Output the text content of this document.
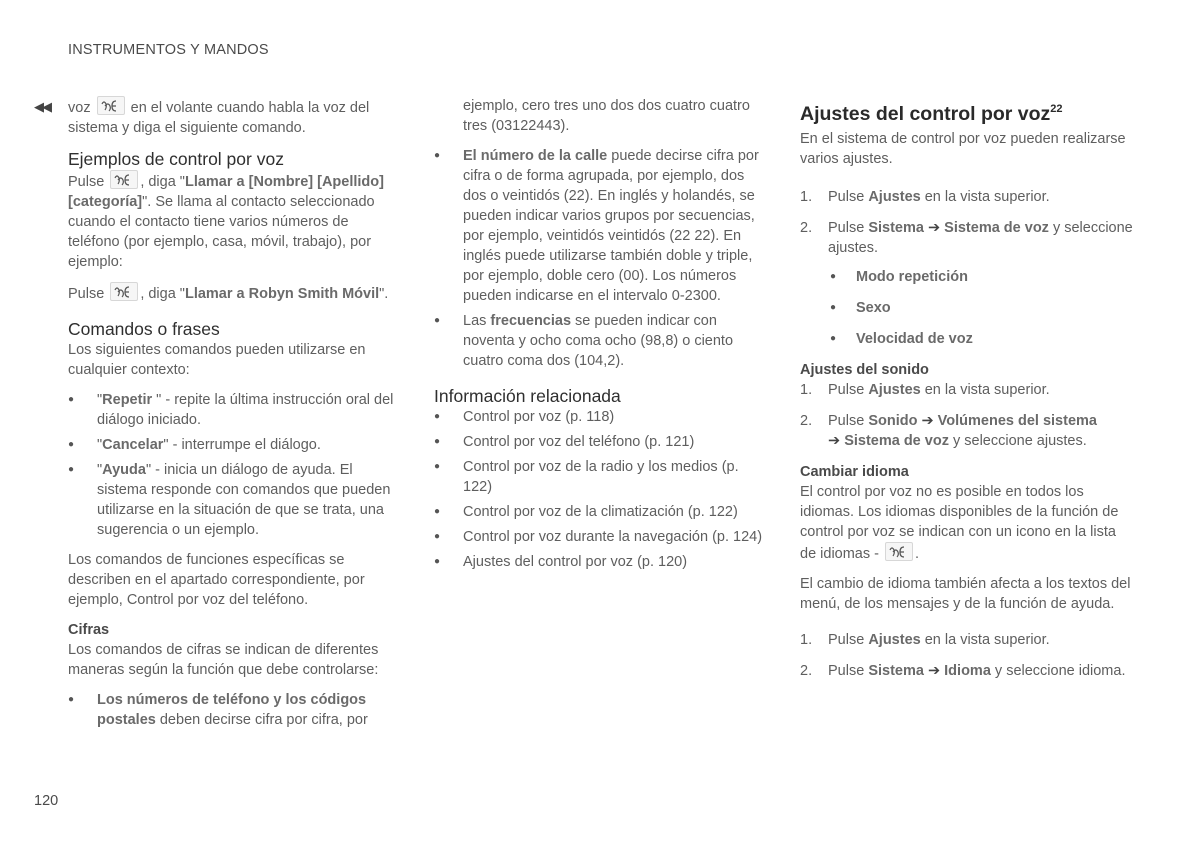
INSTRUMENTOS Y MANDOS
◀◀
120

voz
en el volante cuando habla la voz del sistema y diga el siguiente comando.

Ejemplos de control por voz

Pulse
, diga "Llamar a [Nombre] [Apellido] [categoría]". Se llama al contacto seleccionado cuando el contacto tiene varios números de teléfono (por ejemplo, casa, móvil, trabajo), por ejemplo:

Pulse
, diga "Llamar a Robyn Smith Móvil".

Comandos o frases

Los siguientes comandos pueden utilizarse en cualquier contexto:

● "Repetir " - repite la última instrucción oral del diálogo iniciado.
● "Cancelar" - interrumpe el diálogo.
● "Ayuda" - inicia un diálogo de ayuda. El sistema responde con comandos que pueden utilizarse en la situación de que se trata, una sugerencia o un ejemplo.

Los comandos de funciones específicas se describen en el apartado correspondiente, por ejemplo, Control por voz del teléfono.

Cifras

Los comandos de cifras se indican de diferentes maneras según la función que debe controlarse:

● Los números de teléfono y los códigos postales deben decirse cifra por cifra, por

ejemplo, cero tres uno dos dos cuatro cuatro tres (03122443).

● El número de la calle puede decirse cifra por cifra o de forma agrupada, por ejemplo, dos dos o veintidós (22). En inglés y holandés, se pueden indicar varios grupos por secuencias, por ejemplo, veintidós veintidós (22 22). En inglés puede utilizarse también doble y triple, por ejemplo, doble cero (00). Los números pueden indicarse en el intervalo 0-2300.
● Las frecuencias se pueden indicar con noventa y ocho coma ocho (98,8) o ciento cuatro coma dos (104,2).
Información relacionada
● Control por voz (p. 118)
● Control por voz del teléfono (p. 121)
● Control por voz de la radio y los medios (p. 122)
● Control por voz de la climatización (p. 122)
● Control por voz durante la navegación (p. 124)
● Ajustes del control por voz (p. 120)
Ajustes del control por voz$^{22}$

En el sistema de control por voz pueden realizarse varios ajustes.

1. Pulse Ajustes en la vista superior.
2. Pulse Sistema ➔ Sistema de voz y seleccione ajustes.
● Modo repetición
● Sexo
● Velocidad de voz
Ajustes del sonido
1. Pulse Ajustes en la vista superior.
2. Pulse Sonido ➔ Volúmenes del sistema
➔ Sistema de voz y seleccione ajustes.
Cambiar idioma

El control por voz no es posible en todos los idiomas. Los idiomas disponibles de la función de control por voz se indican con un icono en la lista de idiomas -
.

El cambio de idioma también afecta a los textos del menú, de los mensajes y de la función de ayuda.

1. Pulse Ajustes en la vista superior.
2. Pulse Sistema ➔ Idioma y seleccione idioma.
